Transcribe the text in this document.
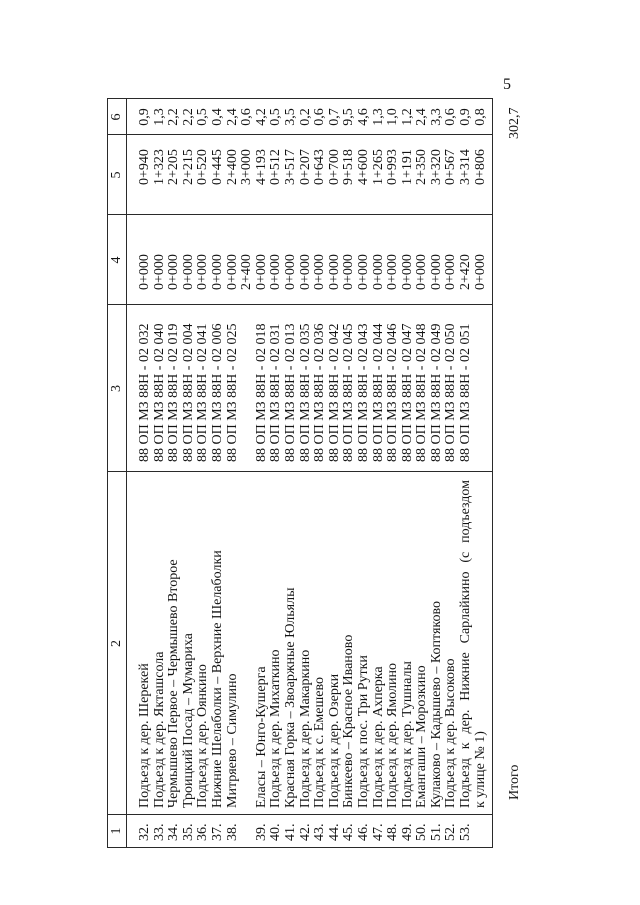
5
1
2
3
4
5
6
32.
Подъезд к дер. Шерекей
88 ОП МЗ 88Н - 02 032
0+000
0+940
0,9
33.
Подъезд к дер. Якташсола
88 ОП МЗ 88Н - 02 040
0+000
1+323
1,3
34.
Чермышево Первое – Чермышево Второе
88 ОП МЗ 88Н - 02 019
0+000
2+205
2,2
35.
Троицкий Посад – Мумариха
88 ОП МЗ 88Н - 02 004
0+000
2+215
2,2
36.
Подъезд к дер. Оянкино
88 ОП МЗ 88Н - 02 041
0+000
0+520
0,5
37.
Нижние Шелаболки – Верхние Шелаболки
88 ОП МЗ 88Н - 02 006
0+000
0+445
0,4
38.
Митряево – Симулино
88 ОП МЗ 88Н - 02 025
0+000
2+400
2,4
2+400
3+000
0,6
39.
Еласы – Юнго-Кушерга
88 ОП МЗ 88Н - 02 018
0+000
4+193
4,2
40.
Подъезд к дер. Михаткино
88 ОП МЗ 88Н - 02 031
0+000
0+512
0,5
41.
Красная Горка – Звоаржные Юльялы
88 ОП МЗ 88Н - 02 013
0+000
3+517
3,5
42.
Подъезд к дер. Макаркино
88 ОП МЗ 88Н - 02 035
0+000
0+207
0,2
43.
Подъезд к с. Емешево
88 ОП МЗ 88Н - 02 036
0+000
0+643
0,6
44.
Подъезд к дер. Озерки
88 ОП МЗ 88Н - 02 042
0+000
0+700
0,7
45.
Бинкеево – Красное Иваново
88 ОП МЗ 88Н - 02 045
0+000
9+518
9,5
46.
Подъезд к пос. Три Рутки
88 ОП МЗ 88Н - 02 043
0+000
4+600
4,6
47.
Подъезд к дер. Ахперка
88 ОП МЗ 88Н - 02 044
0+000
1+265
1,3
48.
Подъезд к дер. Ямолино
88 ОП МЗ 88Н - 02 046
0+000
0+993
1,0
49.
Подъезд к дер. Тушналы
88 ОП МЗ 88Н - 02 047
0+000
1+191
1,2
50.
Емангаши – Морозкино
88 ОП МЗ 88Н - 02 048
0+000
2+350
2,4
51.
Кулаково – Кадышево – Коптяково
88 ОП МЗ 88Н - 02 049
0+000
3+320
3,3
52.
Подъезд к дер. Высоково
88 ОП МЗ 88Н - 02 050
0+000
0+567
0,6
53.
Подъезд к дер. Нижние Сарлайкино (с подъездом
88 ОП МЗ 88Н - 02 051
2+420
3+314
0,9
к улице № 1)
0+000
0+806
0,8
Итого
302,7
